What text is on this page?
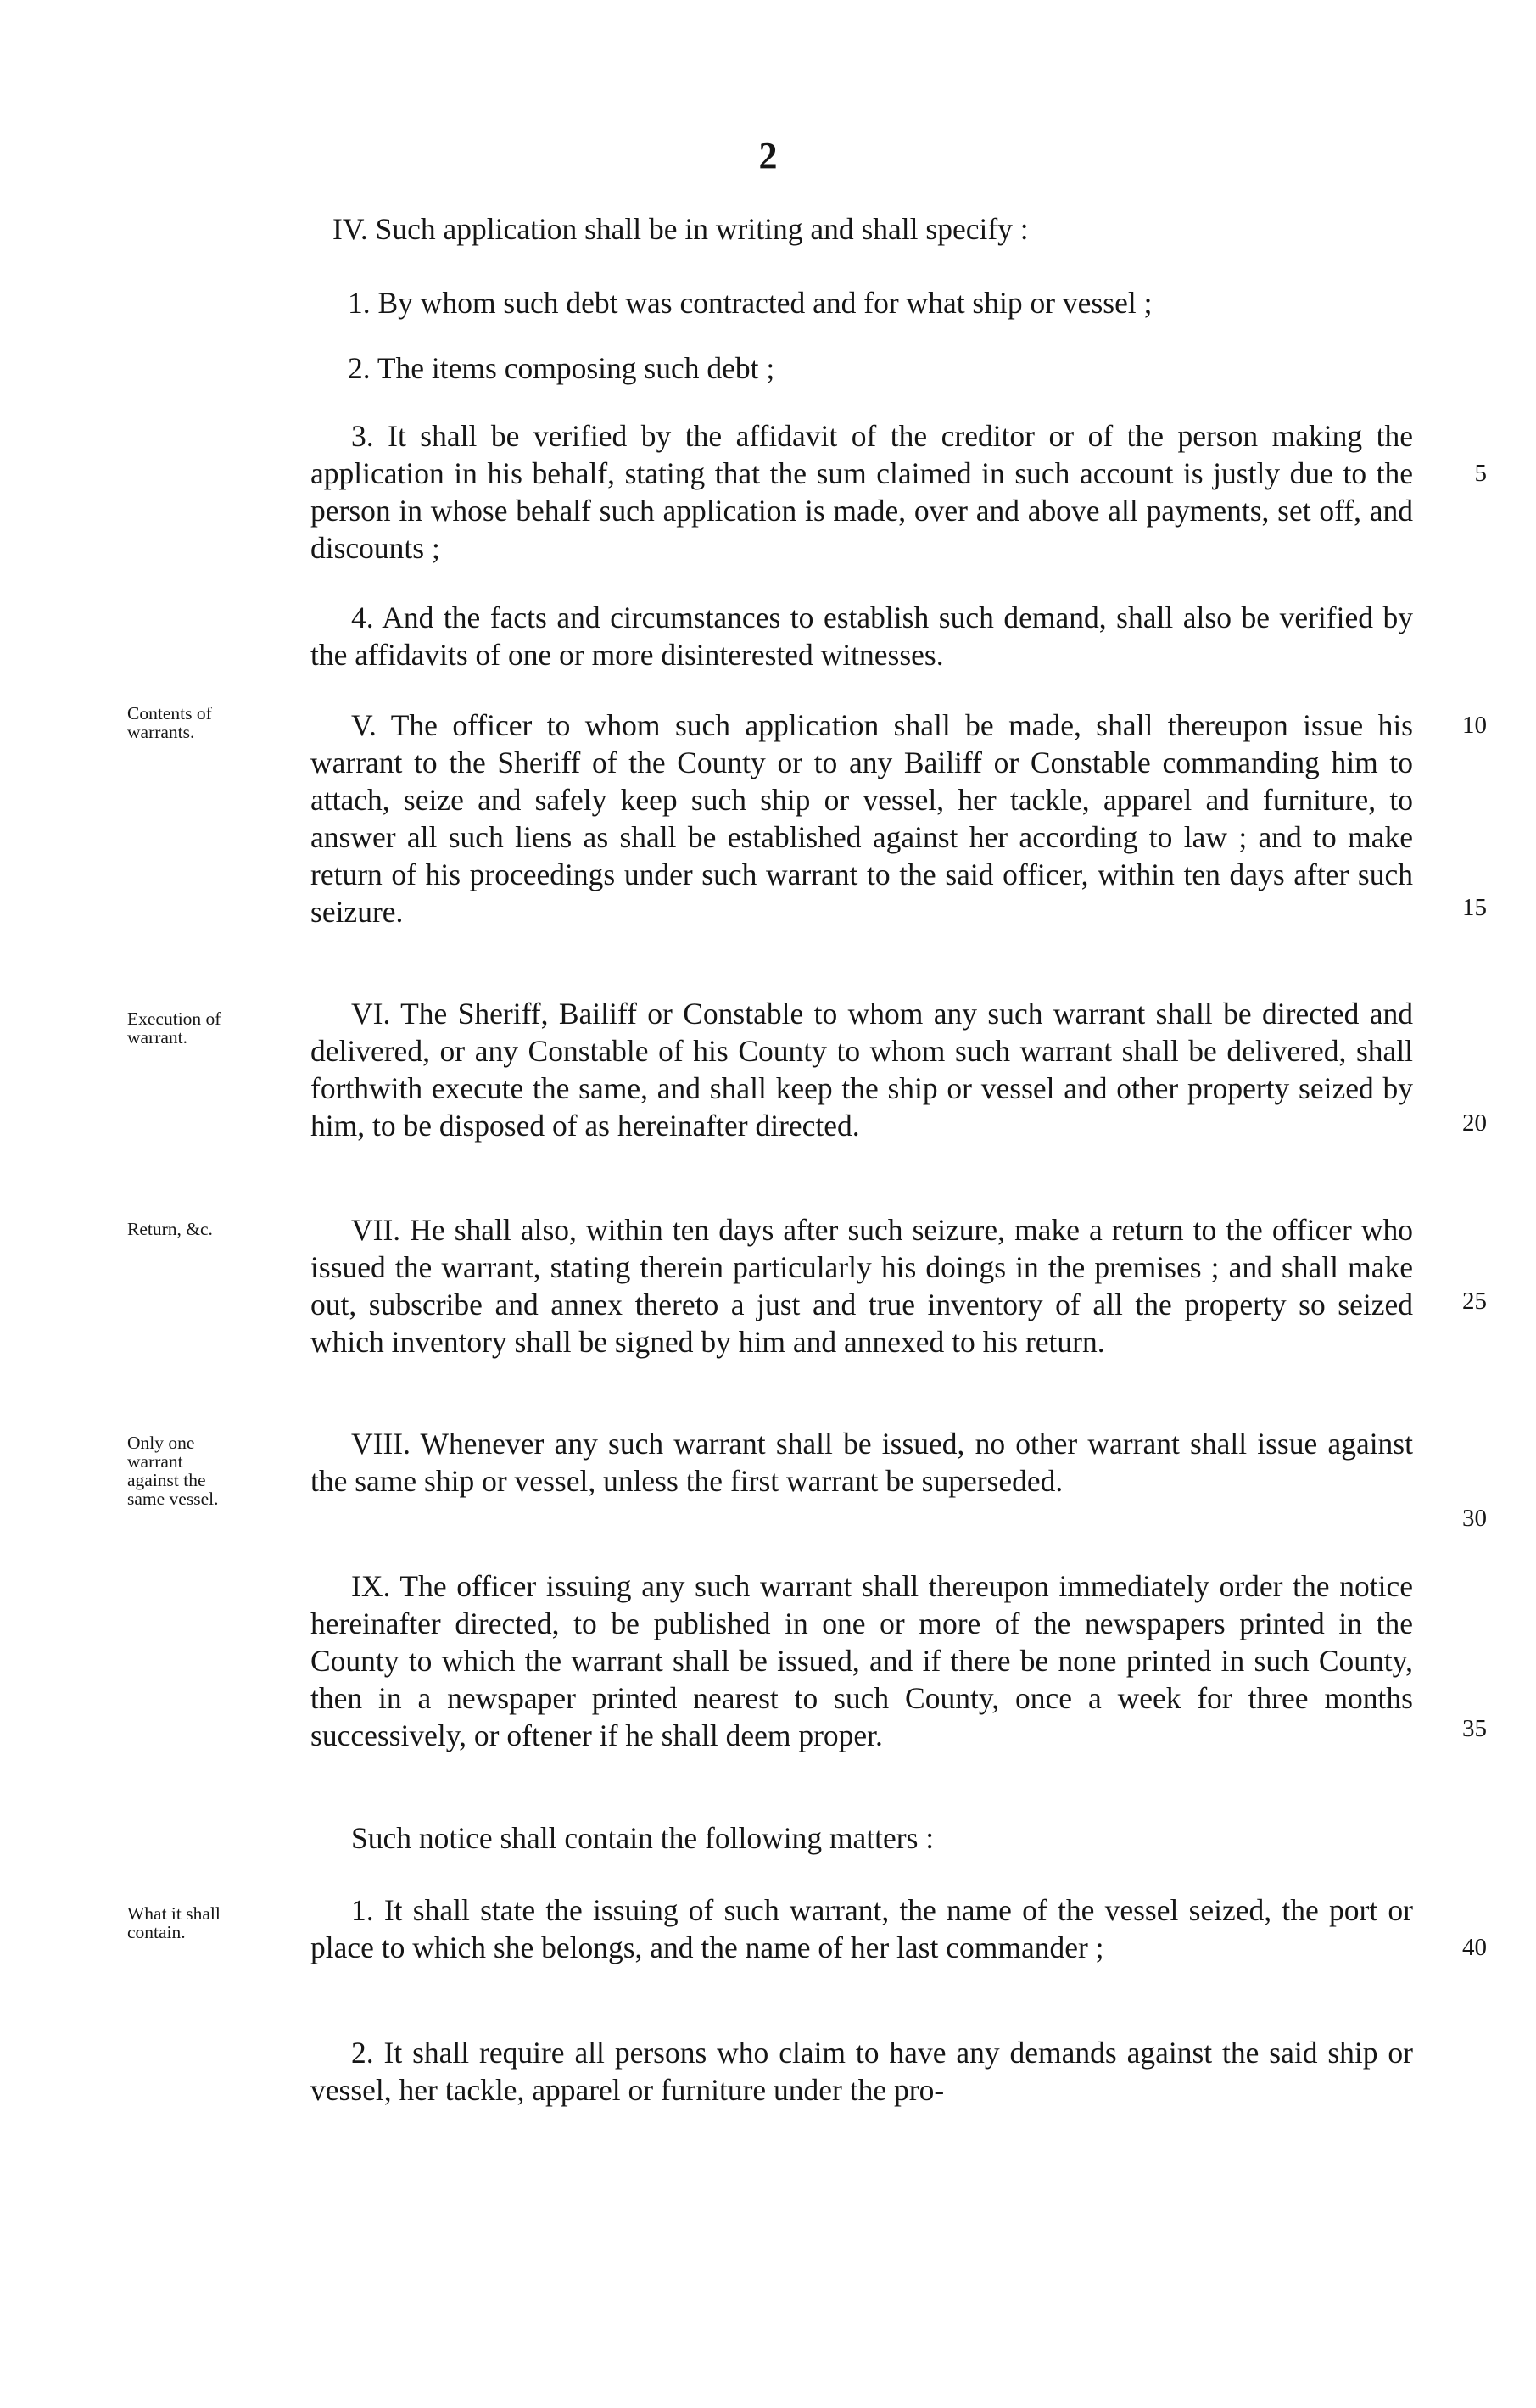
2

IV. Such application shall be in writing and shall specify :

1. By whom such debt was contracted and for what ship or vessel ;

2. The items composing such debt ;

3. It shall be verified by the affidavit of the creditor or of the person making the application in his behalf, stating that the sum claimed in such account is justly due to the person in whose behalf such application is made, over and above all payments, set off, and discounts ;

4. And the facts and circumstances to establish such demand, shall also be verified by the affidavits of one or more disinterested witnesses.

V. The officer to whom such application shall be made, shall thereupon issue his warrant to the Sheriff of the County or to any Bailiff or Constable commanding him to attach, seize and safely keep such ship or vessel, her tackle, apparel and furniture, to answer all such liens as shall be established against her according to law ; and to make return of his proceedings under such warrant to the said officer, within ten days after such seizure.

VI. The Sheriff, Bailiff or Constable to whom any such warrant shall be directed and delivered, or any Constable of his County to whom such warrant shall be delivered, shall forthwith execute the same, and shall keep the ship or vessel and other property seized by him, to be disposed of as hereinafter directed.

VII. He shall also, within ten days after such seizure, make a return to the officer who issued the warrant, stating therein particularly his doings in the premises ; and shall make out, subscribe and annex thereto a just and true inventory of all the property so seized which inventory shall be signed by him and annexed to his return.

VIII. Whenever any such warrant shall be issued, no other warrant shall issue against the same ship or vessel, unless the first warrant be superseded.

IX. The officer issuing any such warrant shall thereupon immediately order the notice hereinafter directed, to be published in one or more of the newspapers printed in the County to which the warrant shall be issued, and if there be none printed in such County, then in a newspaper printed nearest to such County, once a week for three months successively, or oftener if he shall deem proper.

Such notice shall contain the following matters :

1. It shall state the issuing of such warrant, the name of the vessel seized, the port or place to which she belongs, and the name of her last commander ;

2. It shall require all persons who claim to have any demands against the said ship or vessel, her tackle, apparel or furniture under the pro-

Contents of
warrants.
Execution of
warrant.
Return, &c.
Only one
warrant
against the
same vessel.
What it shall
contain.
5
10
15
20
25
30
35
40
